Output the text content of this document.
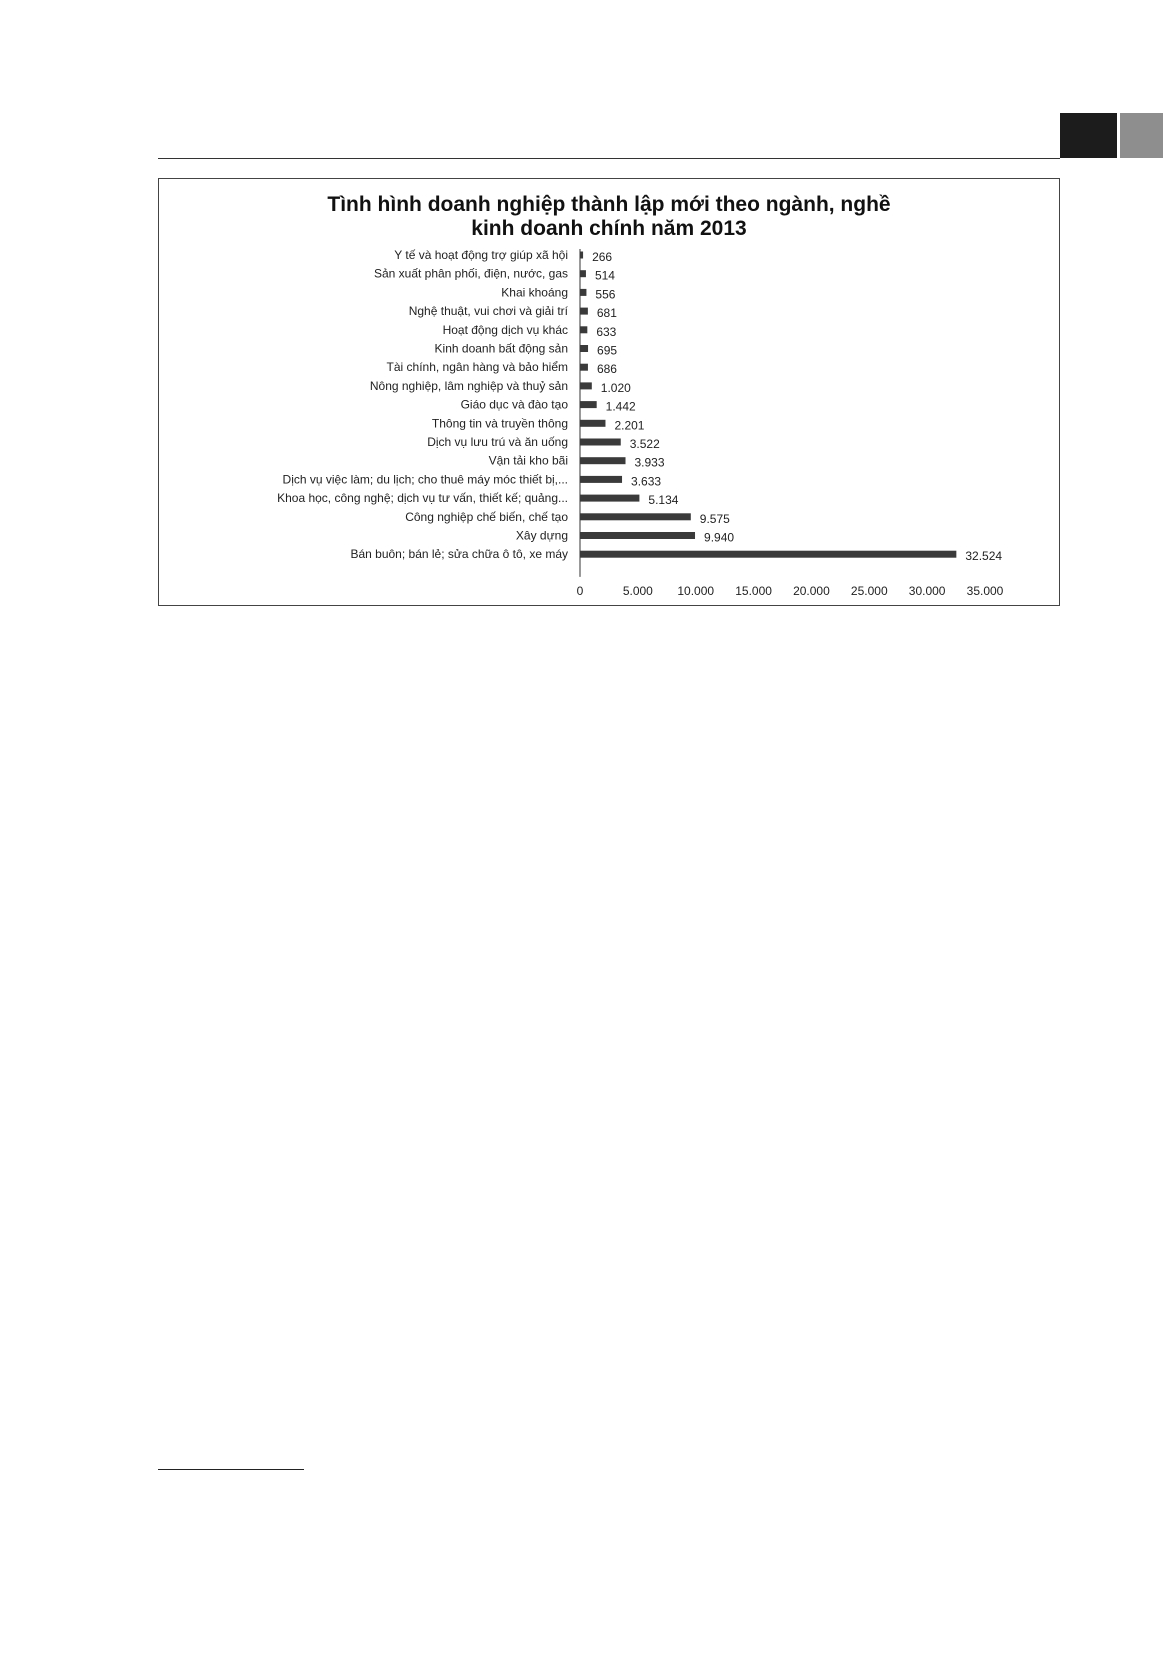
Tình hình doanh nghiệp thành lập mới theo ngành, nghề
kinh doanh chính năm 2013
Y tế và hoạt động trợ giúp xã hội 266
Sản xuất phân phối, điện, nước, gas 514
Khai khoáng 556
Nghệ thuật, vui chơi và giải trí 681
Hoạt động dịch vụ khác 633
Kinh doanh bất động sản 695
Tài chính, ngân hàng và bảo hiểm 686
Nông nghiệp, lâm nghiệp và thuỷ sản	1.020
Giáo dục và đào tạo	1.442
Thông tin và truyền thông	2.201
Dịch vụ lưu trú và ăn uống	3.522
Vận tải kho bãi	3.933
Dịch vụ việc làm; du lịch; cho thuê máy móc thiết bị,...	3.633
Khoa học, công nghệ; dịch vụ tư vấn, thiết kế; quảng...	5.134
Công nghiệp chế biến, chế tạo	9.575
Xây dựng	9.940
Bán buôn; bán lẻ; sửa chữa ô tô, xe máy	32.524
0	5.000 10.000 15.000 20.000 25.000 30.000 35.000
